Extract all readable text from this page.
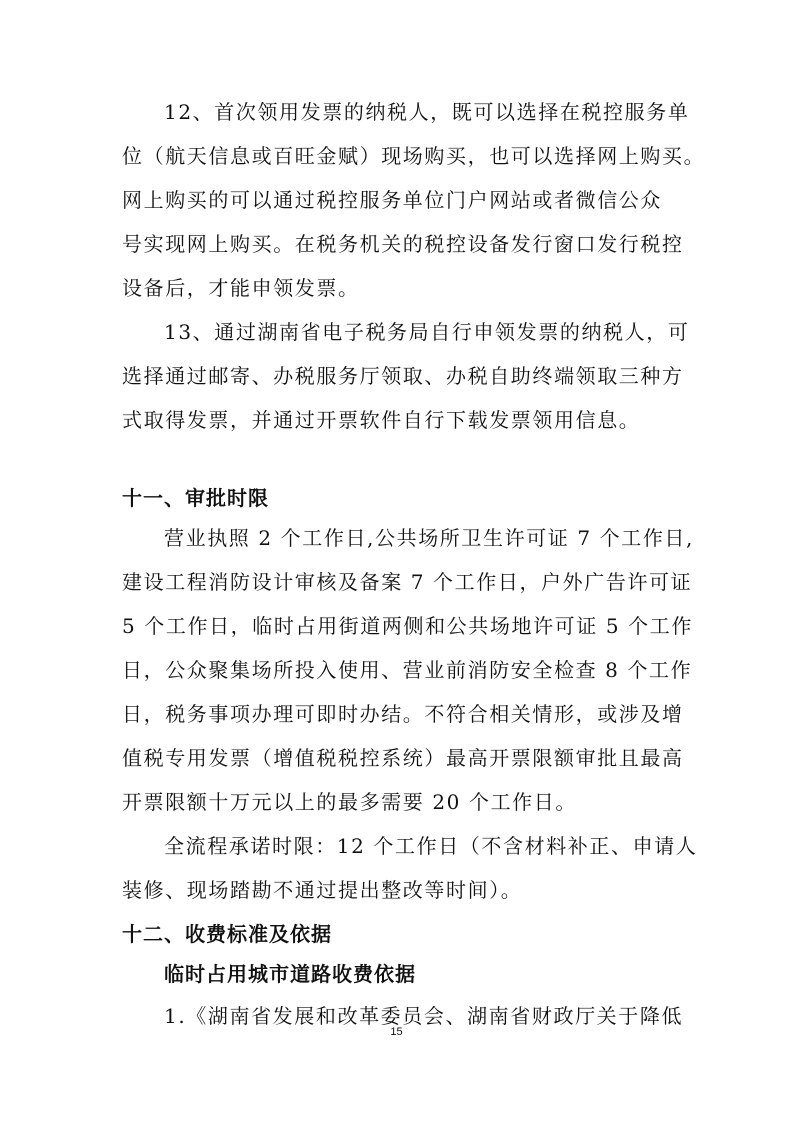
12、首次领用发票的纳税人，既可以选择在税控服务单
位（航天信息或百旺金赋）现场购买，也可以选择网上购买。
网上购买的可以通过税控服务单位门户网站或者微信公众
号实现网上购买。在税务机关的税控设备发行窗口发行税控
设备后，才能申领发票。
13、通过湖南省电子税务局自行申领发票的纳税人，可
选择通过邮寄、办税服务厅领取、办税自助终端领取三种方
式取得发票，并通过开票软件自行下载发票领用信息。
十一、审批时限
营业执照 2 个工作日,公共场所卫生许可证 7 个工作日,
建设工程消防设计审核及备案 7 个工作日，户外广告许可证
5 个工作日，临时占用街道两侧和公共场地许可证 5 个工作
日，公众聚集场所投入使用、营业前消防安全检查 8 个工作
日，税务事项办理可即时办结。不符合相关情形，或涉及增
值税专用发票（增值税税控系统）最高开票限额审批且最高
开票限额十万元以上的最多需要 20 个工作日。
全流程承诺时限：12 个工作日（不含材料补正、申请人
装修、现场踏勘不通过提出整改等时间）。
十二、收费标准及依据
临时占用城市道路收费依据
1.《湖南省发展和改革委员会、湖南省财政厅关于降低
15
